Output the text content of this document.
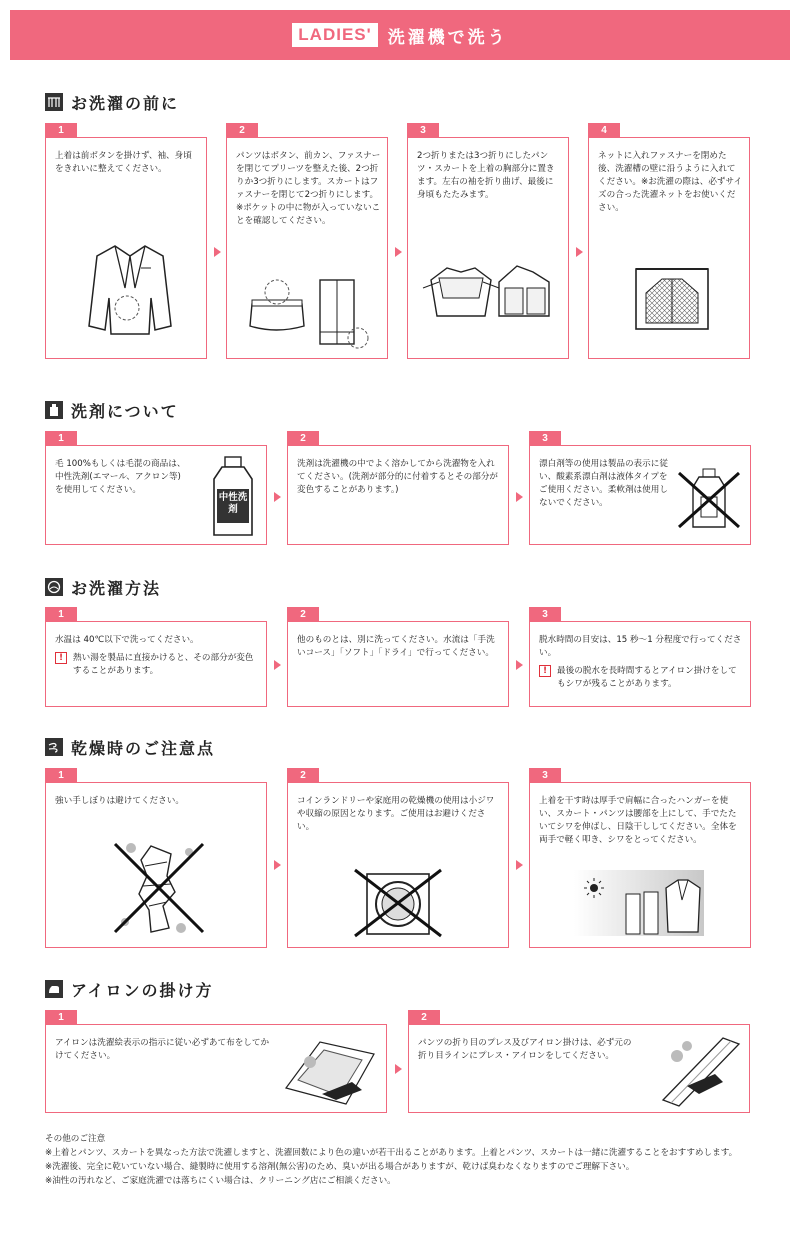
LADIES' 洗濯機で洗う
お洗濯の前に
1
上着は前ボタンを掛けず、袖、身頃をきれいに整えてください。
2
パンツはボタン、前カン、ファスナーを閉じてプリーツを整えた後、2つ折りか3つ折りにします。スカートはファスナーを閉じて2つ折りにします。※ポケットの中に物が入っていないことを確認してください。
3
2つ折りまたは3つ折りにしたパンツ・スカートを上着の胸部分に置きます。左右の袖を折り曲げ、最後に身頃もたたみます。
4
ネットに入れファスナーを閉めた後、洗濯槽の壁に沿うように入れてください。※お洗濯の際は、必ずサイズの合った洗濯ネットをお使いください。
洗剤について
1
毛 100%もしくは毛混の商品は、中性洗剤(エマール、アクロン等) を使用してください。
中性洗剤
2
洗剤は洗濯機の中でよく溶かしてから洗濯物を入れてください。(洗剤が部分的に付着するとその部分が変色することがあります。)
3
漂白剤等の使用は製品の表示に従い、酸素系漂白剤は液体タイプをご使用ください。柔軟剤は使用しないでください。
お洗濯方法
1
水温は 40℃以下で洗ってください。
!	熱い湯を製品に直接かけると、その部分が変色することがあります。
2
他のものとは、別に洗ってください。水流は「手洗いコース」「ソフト」「ドライ」で行ってください。
3
脱水時間の目安は、15 秒〜1 分程度で行ってください。
!	最後の脱水を長時間するとアイロン掛けをしてもシワが残ることがあります。
乾燥時のご注意点
1
強い手しぼりは避けてください。
2
コインランドリーや家庭用の乾燥機の使用は小ジワや収縮の原因となります。ご使用はお避けください。
3
上着を干す時は厚手で肩幅に合ったハンガーを使い、スカート・パンツは腰部を上にして、手でたたいてシワを伸ばし、日陰干ししてください。全体を両手で軽く叩き、シワをとってください。
アイロンの掛け方
1
アイロンは洗濯絵表示の指示に従い必ずあて布をしてかけてください。
2
パンツの折り目のプレス及びアイロン掛けは、必ず元の折り目ラインにプレス・アイロンをしてください。
その他のご注意
※上着とパンツ、スカートを異なった方法で洗濯しますと、洗濯回数により色の違いが若干出ることがあります。上着とパンツ、スカートは一緒に洗濯することをおすすめします。
※洗濯後、完全に乾いていない場合、縫製時に使用する溶剤(無公害)のため、臭いが出る場合がありますが、乾けば臭わなくなりますのでご理解下さい。
※油性の汚れなど、ご家庭洗濯では落ちにくい場合は、クリーニング店にご相談ください。
